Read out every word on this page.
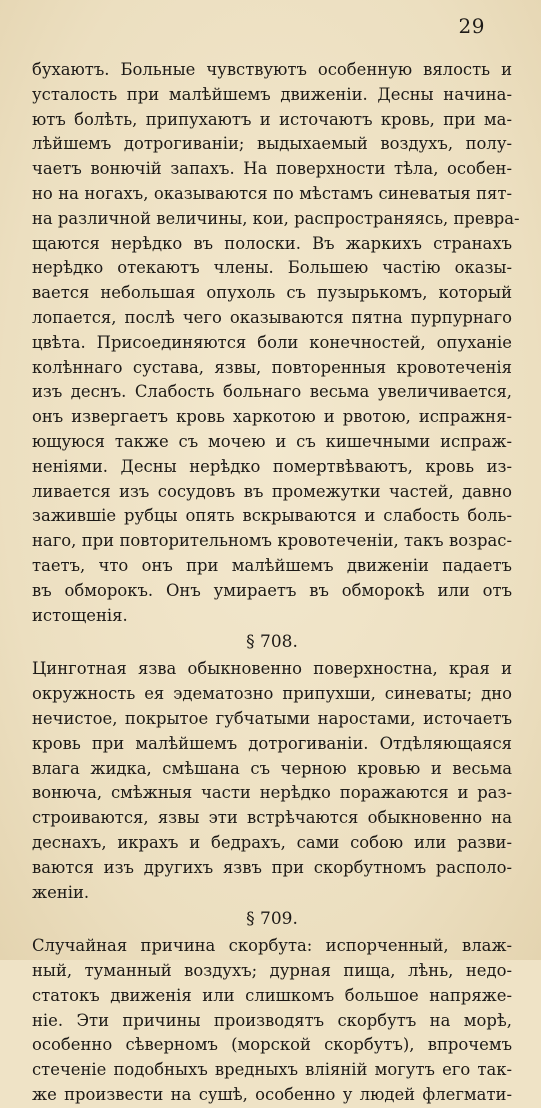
29
бухаютъ. Больные чувствуютъ особенную вялость и
усталость при малѣйшемъ движеніи. Десны начина-
ютъ болѣть, припухаютъ и источаютъ кровь, при ма-
лѣйшемъ дотрогиваніи; выдыхаемый воздухъ, полу-
чаетъ вонючій запахъ. На поверхности тѣла, особен-
но на ногахъ, оказываются по мѣстамъ синеватыя пят-
на различной величины, кои, распространяясь, превра-
щаются нерѣдко въ полоски. Въ жаркихъ странахъ
нерѣдко отекаютъ члены. Большею частію оказы-
вается небольшая опухоль съ пузырькомъ, который
лопается, послѣ чего оказываются пятна пурпурнаго
цвѣта. Присоединяются боли конечностей, опуханіе
колѣннаго сустава, язвы, повторенныя кровотеченія
изъ деснъ. Слабость больнаго весьма увеличивается,
онъ извергаетъ кровь харкотою и рвотою, испражня-
ющуюся также съ мочею и съ кишечными испраж-
неніями. Десны нерѣдко помертвѣваютъ, кровь из-
ливается изъ сосудовъ въ промежутки частей, давно
зажившіе рубцы опять вскрываются и слабость боль-
наго, при повторительномъ кровотеченіи, такъ возрас-
таетъ, что онъ при малѣйшемъ движеніи падаетъ
въ обморокъ. Онъ умираетъ въ обморокѣ или отъ
истощенія.
§ 708.
Цинготная язва обыкновенно поверхностна, края и
окружность ея эдематозно припухши, синеваты; дно
нечистое, покрытое губчатыми наростами, источаетъ
кровь при малѣйшемъ дотрогиваніи. Отдѣляющаяся
влага жидка, смѣшана съ черною кровью и весьма
вонюча, смѣжныя части нерѣдко поражаются и раз-
строиваются, язвы эти встрѣчаются обыкновенно на
деснахъ, икрахъ и бедрахъ, сами собою или разви-
ваются изъ другихъ язвъ при скорбутномъ располо-
женіи.
§ 709.
Случайная причина скорбута: испорченный, влаж-
ный, туманный воздухъ; дурная пища, лѣнь, недо-
статокъ движенія или слишкомъ большое напряже-
ніе. Эти причины производятъ скорбутъ на морѣ,
особенно сѣверномъ (морской скорбутъ), впрочемъ
стеченіе подобныхъ вредныхъ вліяній могутъ его так-
же произвести на сушѣ, особенно у людей флегмати-
